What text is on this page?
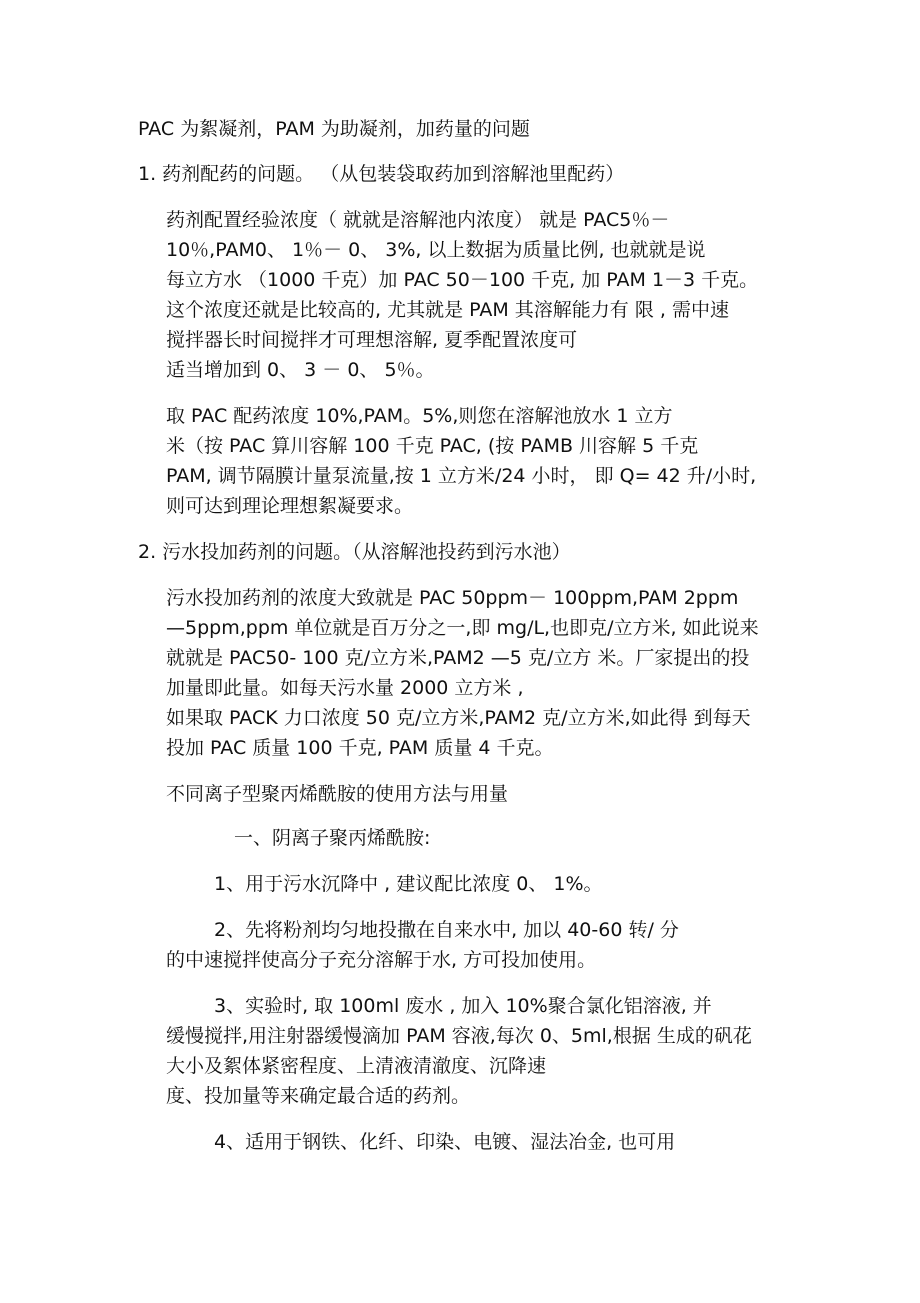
PAC 为絮凝剂，PAM 为助凝剂，加药量的问题

1. 药剂配药的问题。 （从包装袋取药加到溶解池里配药）

药剂配置经验浓度（ 就就是溶解池内浓度） 就是 PAC5％－

10％,PAM0、 1％－ 0、 3%, 以上数据为质量比例, 也就就是说

每立方水 （1000 千克）加 PAC 50－100 千克, 加 PAM 1－3 千克。

这个浓度还就是比较高的, 尤其就是 PAM 其溶解能力有 限 , 需中速

搅拌器长时间搅拌才可理想溶解, 夏季配置浓度可

适当增加到 0、 3 － 0、 5％。

取 PAC 配药浓度 10%,PAM。5%,则您在溶解池放水 1 立方

米（按 PAC 算川容解 100 千克 PAC, (按 PAMB 川容解 5 千克

PAM, 调节隔膜计量泵流量,按 1 立方米/24 小时， 即 Q= 42 升/小时,

则可达到理论理想絮凝要求。

2. 污水投加药剂的问题。（从溶解池投药到污水池）

污水投加药剂的浓度大致就是 PAC 50ppm－ 100ppm,PAM 2ppm

—5ppm,ppm 单位就是百万分之一,即 mg/L,也即克/立方米, 如此说来

就就是 PAC50- 100 克/立方米,PAM2 —5 克/立方 米。厂家提出的投

加量即此量。如每天污水量 2000 立方米 ,

如果取 PACK 力口浓度 50 克/立方米,PAM2 克/立方米,如此得 到每天

投加 PAC 质量 100 千克, PAM 质量 4 千克。

不同离子型聚丙烯酰胺的使用方法与用量

一、阴离子聚丙烯酰胺:

1、用于污水沉降中 , 建议配比浓度 0、 1%。

2、先将粉剂均匀地投撒在自来水中, 加以 40-60 转/ 分

的中速搅拌使高分子充分溶解于水, 方可投加使用。

3、实验时, 取 100ml 废水 , 加入 10%聚合氯化铝溶液, 并

缓慢搅拌,用注射器缓慢滴加 PAM 容液,每次 0、5ml,根据 生成的矾花

大小及絮体紧密程度、上清液清澈度、沉降速

度、投加量等来确定最合适的药剂。

4、适用于钢铁、化纤、印染、电镀、湿法冶金, 也可用
